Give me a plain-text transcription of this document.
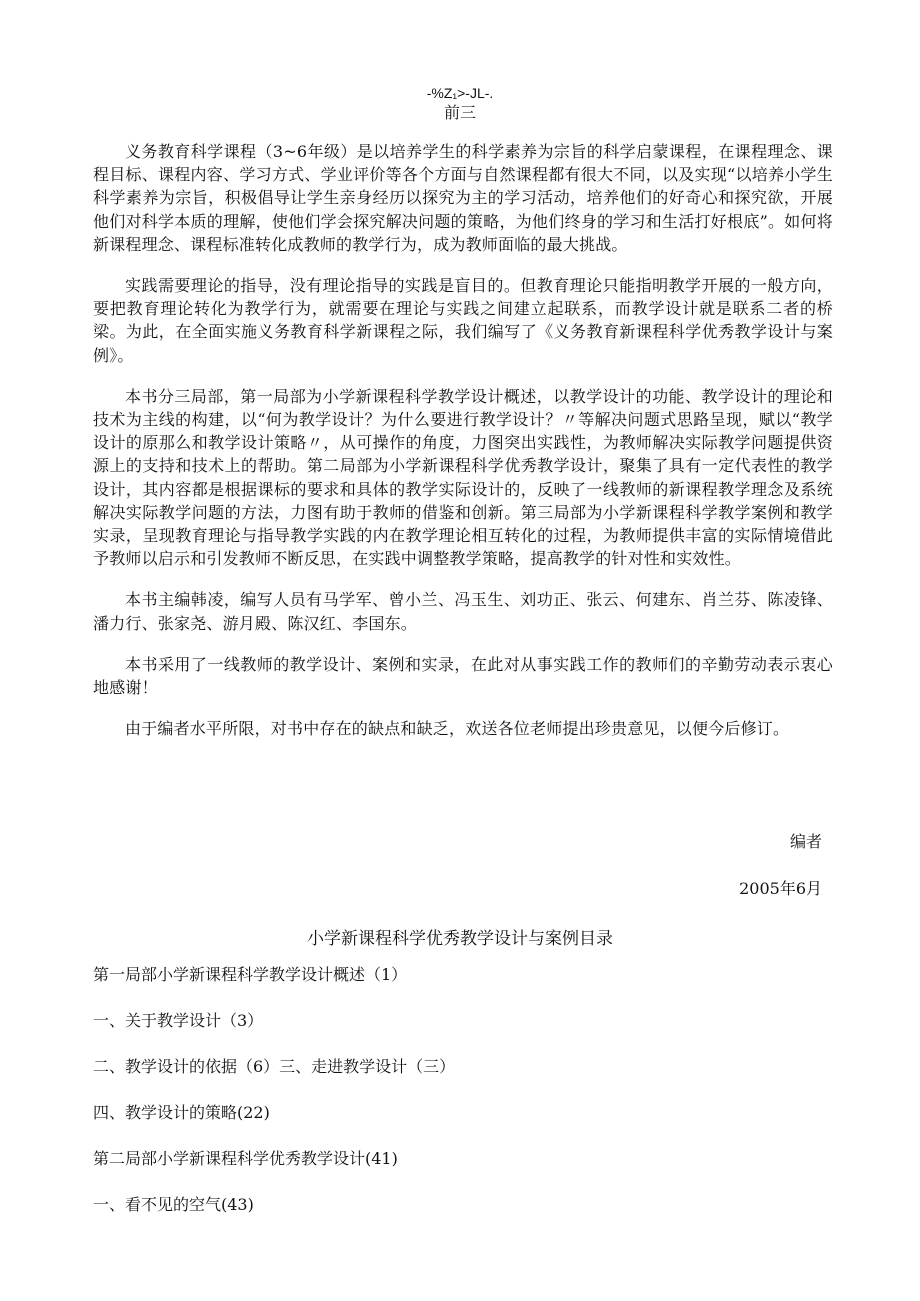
-%Z₁>-JL-.
前三

义务教育科学课程（3~6年级）是以培养学生的科学素养为宗旨的科学启蒙课程，在课程理念、课程目标、课程内容、学习方式、学业评价等各个方面与自然课程都有很大不同，以及实现“以培养小学生科学素养为宗旨，积极倡导让学生亲身经历以探究为主的学习活动，培养他们的好奇心和探究欲，开展他们对科学本质的理解，使他们学会探究解决问题的策略，为他们终身的学习和生活打好根底”。如何将新课程理念、课程标准转化成教师的教学行为，成为教师面临的最大挑战。

实践需要理论的指导，没有理论指导的实践是盲目的。但教育理论只能指明教学开展的一般方向，要把教育理论转化为教学行为，就需要在理论与实践之间建立起联系，而教学设计就是联系二者的桥梁。为此，在全面实施义务教育科学新课程之际，我们编写了《义务教育新课程科学优秀教学设计与案例》。

本书分三局部，第一局部为小学新课程科学教学设计概述，以教学设计的功能、教学设计的理论和技术为主线的构建，以“何为教学设计？为什么要进行教学设计？〃等解决问题式思路呈现，赋以“教学设计的原那么和教学设计策略〃，从可操作的角度，力图突出实践性，为教师解决实际教学问题提供资源上的支持和技术上的帮助。第二局部为小学新课程科学优秀教学设计，聚集了具有一定代表性的教学设计，其内容都是根据课标的要求和具体的教学实际设计的，反映了一线教师的新课程教学理念及系统解决实际教学问题的方法，力图有助于教师的借鉴和创新。第三局部为小学新课程科学教学案例和教学实录，呈现教育理论与指导教学实践的内在教学理论相互转化的过程，为教师提供丰富的实际情境借此予教师以启示和引发教师不断反思，在实践中调整教学策略，提高教学的针对性和实效性。

本书主编韩凌，编写人员有马学军、曾小兰、冯玉生、刘功正、张云、何建东、肖兰芬、陈凌锋、潘力行、张家尧、游月殿、陈汉红、李国东。

本书采用了一线教师的教学设计、案例和实录，在此对从事实践工作的教师们的辛勤劳动表示衷心地感谢！

由于编者水平所限，对书中存在的缺点和缺乏，欢送各位老师提出珍贵意见，以便今后修订。

编者
2005年6月
小学新课程科学优秀教学设计与案例目录
第一局部小学新课程科学教学设计概述（1）
一、关于教学设计（3）
二、教学设计的依据（6）三、走进教学设计（三）
四、教学设计的策略(22)
第二局部小学新课程科学优秀教学设计(41)
一、看不见的空气(43)
